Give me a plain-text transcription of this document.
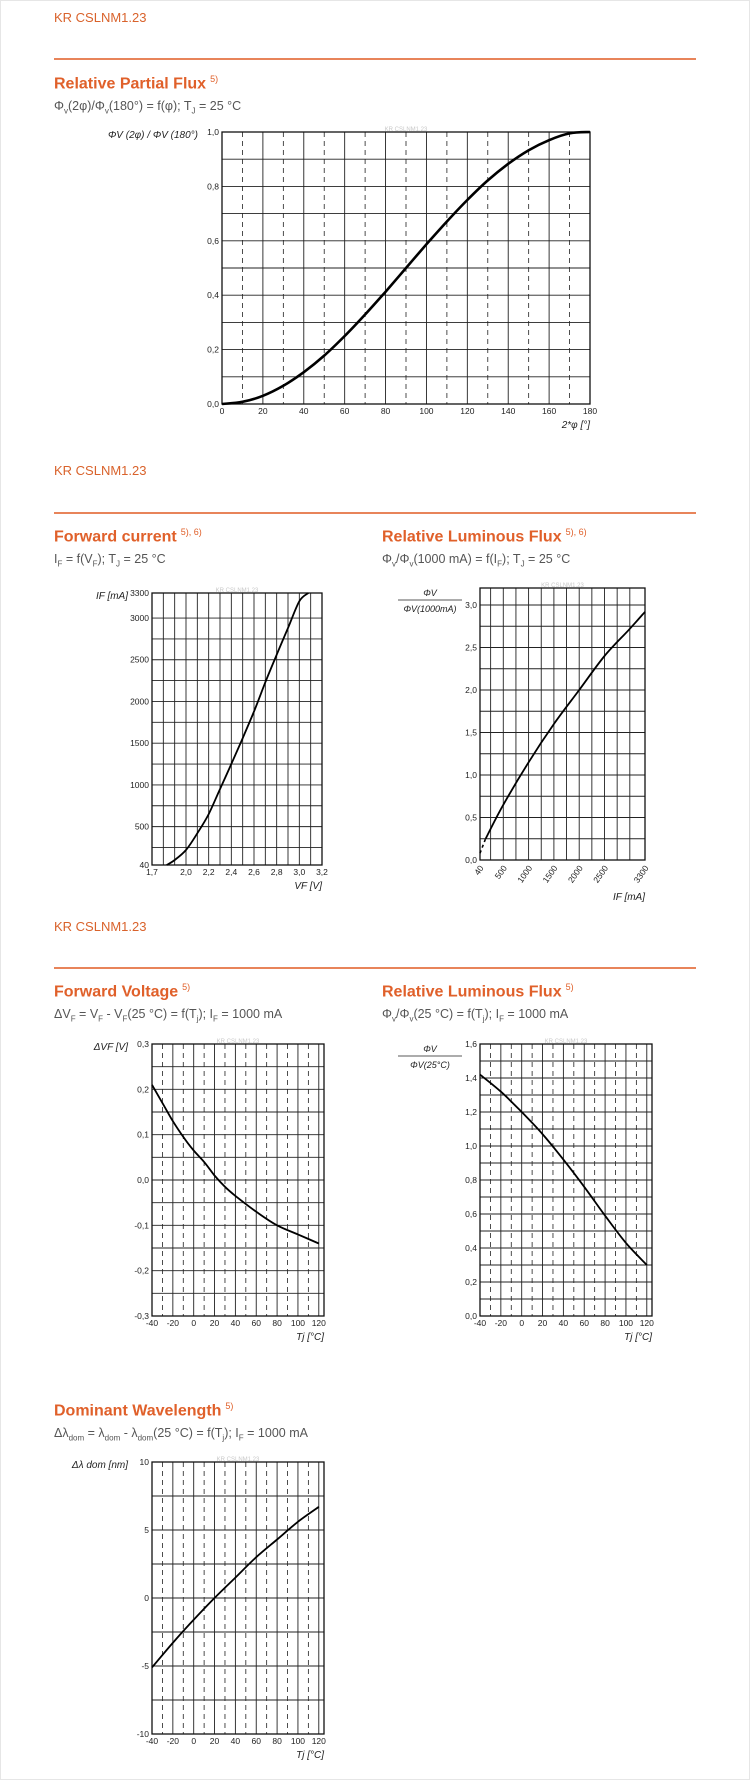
KR CSLNM1.23
Relative Partial Flux $^{5)}$
$\Phi_v(2\varphi)/\Phi_v(180^\circ) = f(\varphi)$; $T_J = 25$ °C
KR CSLNM1.23
0	20	40	60	80	100	120	140	160	180
0,0
0,2
0,4
0,6
0,8
1,0
2*φ [°]
ΦV (2φ) / ΦV (180°)
KR CSLNM1.23
Forward current $^{5), 6)}$
$I_F = f(V_F)$; $T_J = 25$ °C
Relative Luminous Flux $^{5), 6)}$
$\Phi_v/\Phi_v(1000$ $mA) = f(I_F)$; $T_J = 25$ °C
KR CSLNM1.23
1,7	2,0 2,2 2,4 2,6 2,8 3,0 3,2
40
500
1000
1500
2000
2500
3000
3300
VF [V]
IF [mA]
KR CSLNM1.23
40 500 1000 1500 2000 2500	3300
0,0
0,5
1,0
1,5
2,0
2,5
3,0
IF [mA]
ΦV
ΦV(1000mA)
KR CSLNM1.23
Forward Voltage $^{5)}$
$\Delta V_F = V_F - V_F(25$ $^\circ C) = f(T_j)$; $I_F = 1000$ mA
Relative Luminous Flux $^{5)}$
$\Phi_v/\Phi_v(25$ $^\circ C) = f(T_j)$; $I_F = 1000$ mA
KR CSLNM1.23
-40 -20 0 20 40 60 80 100 120
-0,3
-0,2
-0,1
0,0
0,1
0,2
0,3
Tj [°C]
ΔVF [V]	KR CSLNM1.23
-40 -20 0 20 40 60 80 100 120
0,0
0,2
0,4
0,6
0,8
1,0
1,2
1,4
1,6
Tj [°C]
ΦV
ΦV(25°C)
Dominant Wavelength $^{5)}$
$\Delta\lambda_{dom} = \lambda_{dom} - \lambda_{dom}(25$ $^\circ C) = f(T_j)$; $I_F = 1000$ mA
KR CSLNM1.23
-40 -20 0 20 40 60 80 100 120
-10
-5
0
5
10
Tj [°C]
Δλ dom [nm]
